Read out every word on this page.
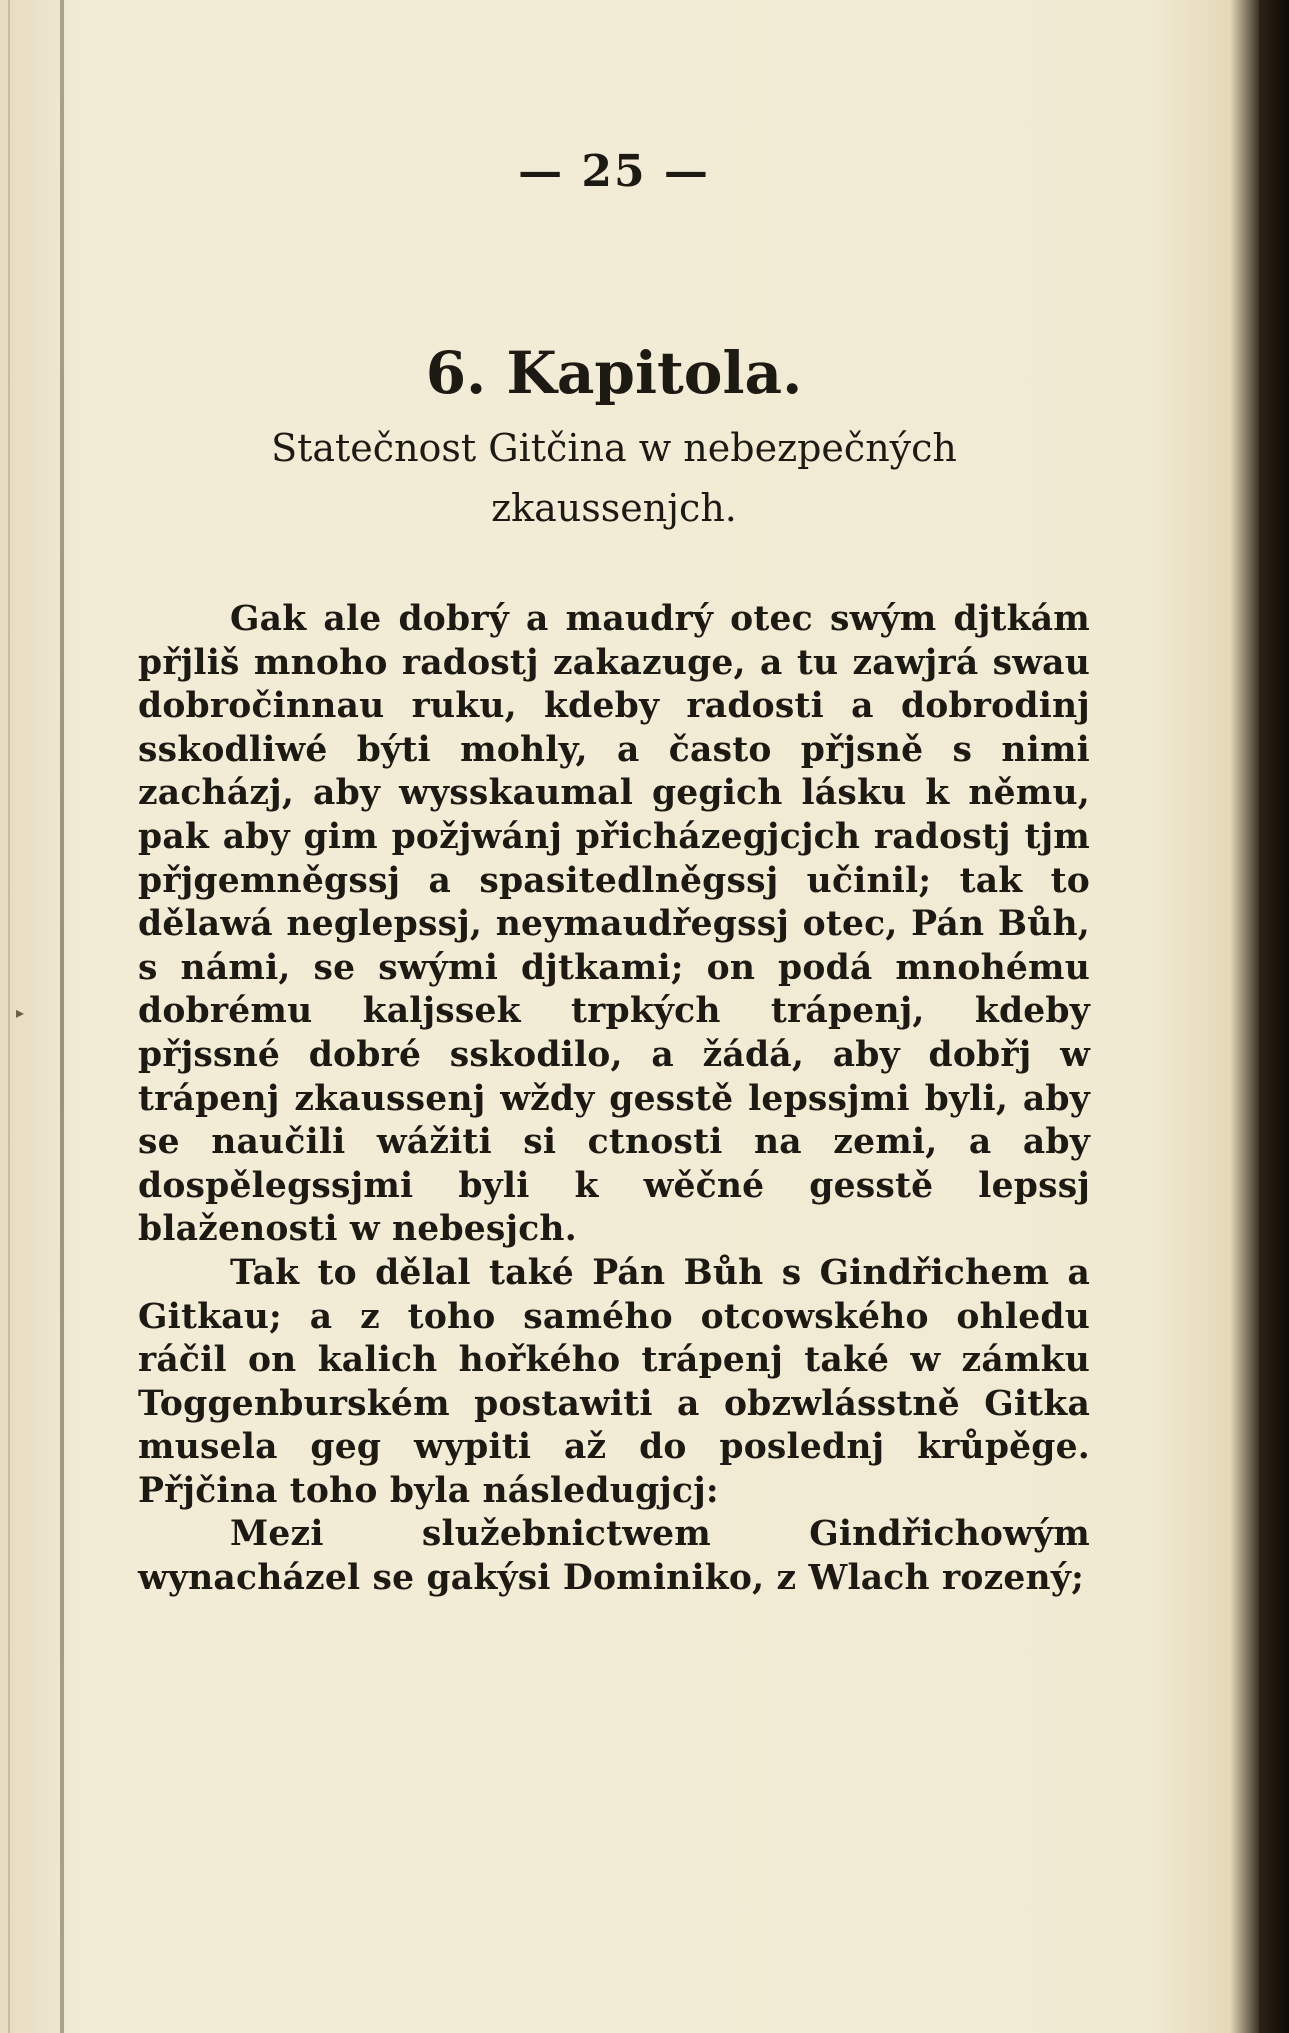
▸
— 25 —
6. Kapitola.
Statečnost Gitčina w nebezpečných zkaussenjch.

Gak ale dobrý a maudrý otec swým djtkám přjliš mnoho radostj zakazuge, a tu zawjrá swau dobročinnau ruku, kdeby radosti a dobrodinj sskodliwé býti mohly, a často přjsně s nimi zacházj, aby wysskaumal gegich lásku k němu, pak aby gim požjwánj přicházegjcjch radostj tjm přjgemněgssj a spasitedlněgssj učinil; tak to dělawá neglepssj, neymaudřegssj otec, Pán Bůh, s námi, se swými djtkami; on podá mnohému dobrému kaljssek trpkých trápenj, kdeby přjssné dobré sskodilo, a žádá, aby dobřj w trápenj zkaussenj wždy gesstě lepssjmi byli, aby se naučili wážiti si ctnosti na zemi, a aby dospělegssjmi byli k wěčné gesstě lepssj blaženosti w nebesjch.

Tak to dělal také Pán Bůh s Gindřichem a Gitkau; a z toho samého otcowského ohledu ráčil on kalich hořkého trápenj také w zámku Toggenburském postawiti a obzwlásstně Gitka musela geg wypiti až do poslednj krůpěge. Přjčina toho byla následugjcj:

Mezi služebnictwem Gindřichowým wynacházel se gakýsi Dominiko, z Wlach rozený;
